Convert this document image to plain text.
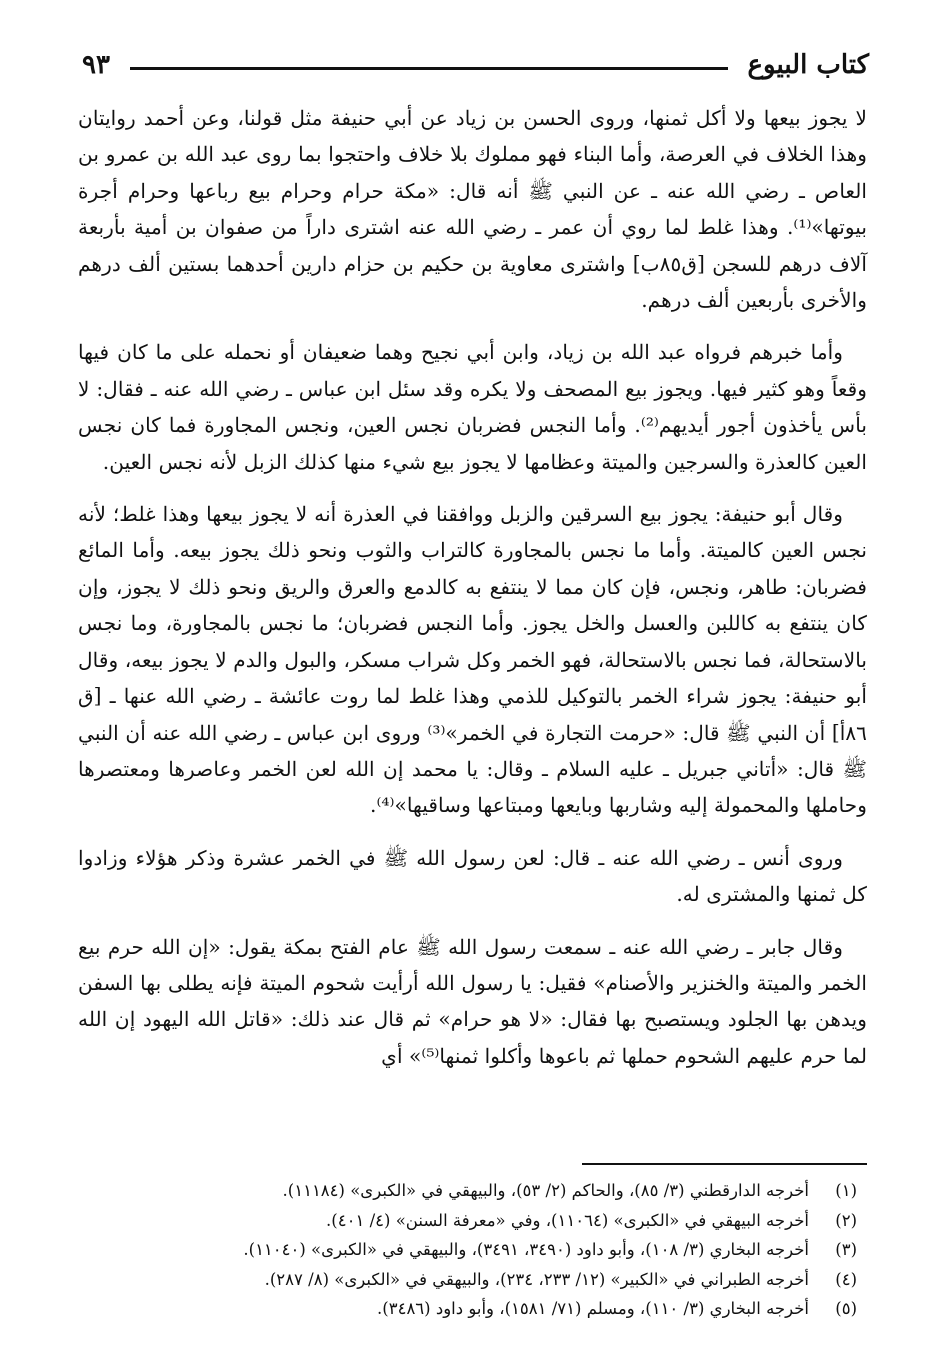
كتاب البيوع
٩٣

لا يجوز بيعها ولا أكل ثمنها، وروى الحسن بن زياد عن أبي حنيفة مثل قولنا، وعن أحمد روايتان وهذا الخلاف في العرصة، وأما البناء فهو مملوك بلا خلاف واحتجوا بما روى عبد الله بن عمرو بن العاص ـ رضي الله عنه ـ عن النبي ﷺ أنه قال: «مكة حرام وحرام بيع رباعها وحرام أجرة بيوتها»⁽¹⁾. وهذا غلط لما روي أن عمر ـ رضي الله عنه اشترى داراً من صفوان بن أمية بأربعة آلاف درهم للسجن [ق٨٥ب] واشترى معاوية بن حكيم بن حزام دارين أحدهما بستين ألف درهم والأخرى بأربعين ألف درهم.

وأما خبرهم فرواه عبد الله بن زياد، وابن أبي نجيح وهما ضعيفان أو نحمله على ما كان فيها وقعاً وهو كثير فيها. ويجوز بيع المصحف ولا يكره وقد سئل ابن عباس ـ رضي الله عنه ـ فقال: لا بأس يأخذون أجور أيديهم⁽²⁾. وأما النجس فضربان نجس العين، ونجس المجاورة فما كان نجس العين كالعذرة والسرجين والميتة وعظامها لا يجوز بيع شيء منها كذلك الزبل لأنه نجس العين.

وقال أبو حنيفة: يجوز بيع السرقين والزبل ووافقنا في العذرة أنه لا يجوز بيعها وهذا غلط؛ لأنه نجس العين كالميتة. وأما ما نجس بالمجاورة كالتراب والثوب ونحو ذلك يجوز بيعه. وأما المائع فضربان: طاهر، ونجس، فإن كان مما لا ينتفع به كالدمع والعرق والريق ونحو ذلك لا يجوز، وإن كان ينتفع به كاللبن والعسل والخل يجوز. وأما النجس فضربان؛ ما نجس بالمجاورة، وما نجس بالاستحالة، فما نجس بالاستحالة، فهو الخمر وكل شراب مسكر، والبول والدم لا يجوز بيعه، وقال أبو حنيفة: يجوز شراء الخمر بالتوكيل للذمي وهذا غلط لما روت عائشة ـ رضي الله عنها ـ [ق ٨٦أ] أن النبي ﷺ قال: «حرمت التجارة في الخمر»⁽³⁾ وروى ابن عباس ـ رضي الله عنه أن النبي ﷺ قال: «أتاني جبريل ـ عليه السلام ـ وقال: يا محمد إن الله لعن الخمر وعاصرها ومعتصرها وحاملها والمحمولة إليه وشاربها وبايعها ومبتاعها وساقيها»⁽⁴⁾.

وروى أنس ـ رضي الله عنه ـ قال: لعن رسول الله ﷺ في الخمر عشرة وذكر هؤلاء وزادوا كل ثمنها والمشترى له.

وقال جابر ـ رضي الله عنه ـ سمعت رسول الله ﷺ عام الفتح بمكة يقول: «إن الله حرم بيع الخمر والميتة والخنزير والأصنام» فقيل: يا رسول الله أرأيت شحوم الميتة فإنه يطلى بها السفن ويدهن بها الجلود ويستصبح بها فقال: «لا هو حرام» ثم قال عند ذلك: «قاتل الله اليهود إن الله لما حرم عليهم الشحوم حملها ثم باعوها وأكلوا ثمنها⁽⁵⁾» أي

(١)
أخرجه الدارقطني (٣/ ٨٥)، والحاكم (٢/ ٥٣)، والبيهقي في «الكبرى» (١١١٨٤).
(٢)
أخرجه البيهقي في «الكبرى» (١١٠٦٤)، وفي «معرفة السنن» (٤/ ٤٠١).
(٣)
أخرجه البخاري (٣/ ١٠٨)، وأبو داود (٣٤٩٠، ٣٤٩١)، والبيهقي في «الكبرى» (١١٠٤٠).
(٤)
أخرجه الطبراني في «الكبير» (١٢/ ٢٣٣، ٢٣٤)، والبيهقي في «الكبرى» (٨/ ٢٨٧).
(٥)
أخرجه البخاري (٣/ ١١٠)، ومسلم (٧١/ ١٥٨١)، وأبو داود (٣٤٨٦).
